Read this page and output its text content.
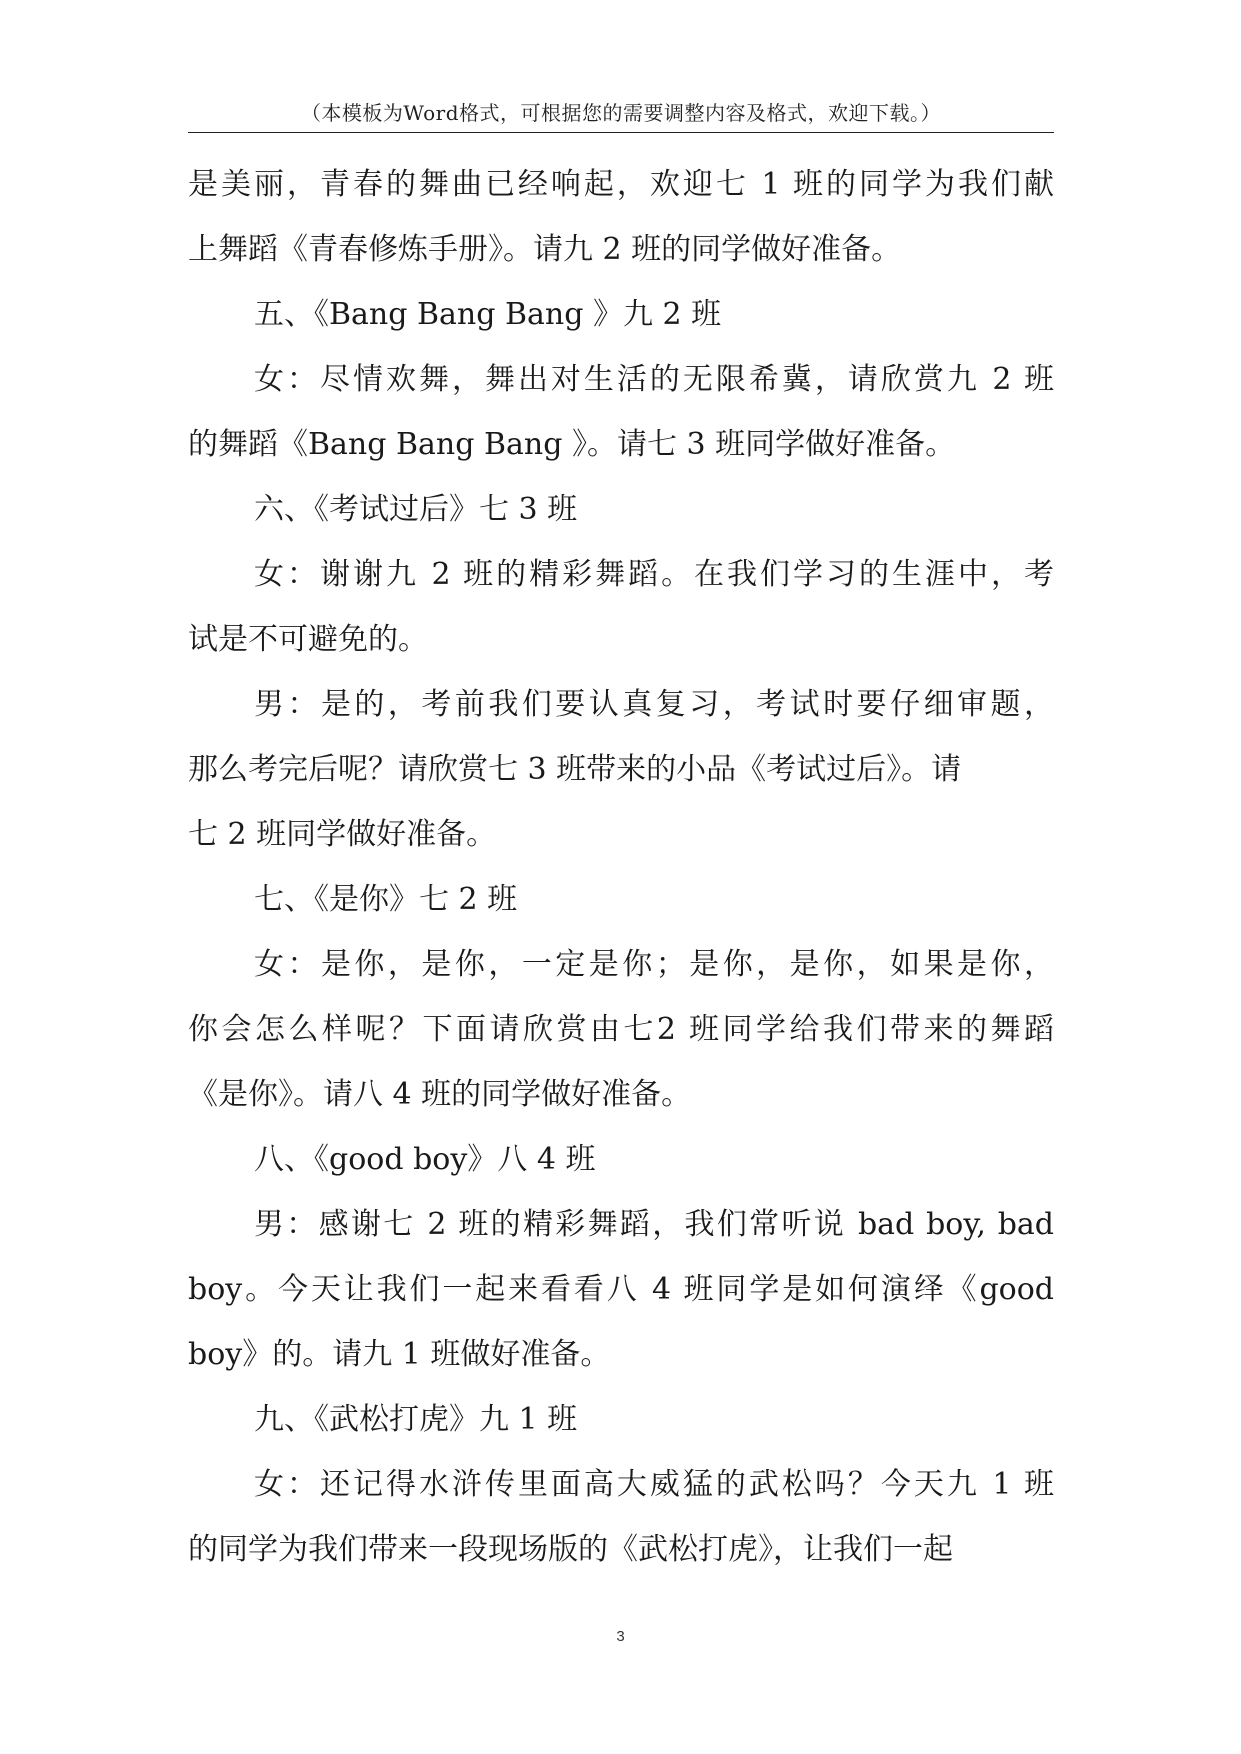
（本模板为Word格式，可根据您的需要调整内容及格式，欢迎下载。）
是美丽，青春的舞曲已经响起，欢迎七 1 班的同学为我们献
上舞蹈《青春修炼手册》。请九 2 班的同学做好准备。
五、《Bang Bang Bang 》九 2 班
女：尽情欢舞，舞出对生活的无限希冀，请欣赏九 2 班
的舞蹈《Bang Bang Bang 》。请七 3 班同学做好准备。
六、《考试过后》七 3 班
女：谢谢九 2 班的精彩舞蹈。在我们学习的生涯中，考
试是不可避免的。
男：是的，考前我们要认真复习，考试时要仔细审题，
那么考完后呢？请欣赏七 3 班带来的小品《考试过后》。请
七 2 班同学做好准备。
七、《是你》七 2 班
女：是你，是你，一定是你；是你，是你，如果是你，
你会怎么样呢？下面请欣赏由七2 班同学给我们带来的舞蹈
《是你》。请八 4 班的同学做好准备。
八、《good boy》八 4 班
男：感谢七 2 班的精彩舞蹈，我们常听说 bad boy, bad
boy。今天让我们一起来看看八 4 班同学是如何演绎《good
boy》的。请九 1 班做好准备。
九、《武松打虎》九 1 班
女：还记得水浒传里面高大威猛的武松吗？今天九 1 班
的同学为我们带来一段现场版的《武松打虎》，让我们一起
3
